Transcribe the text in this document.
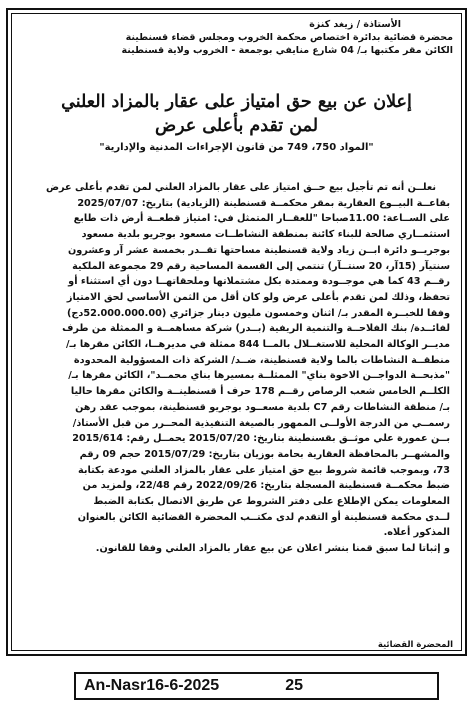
الأستاذة / زيغد كنزة
محضرة قضائية بدائرة اختصاص محكمة الخروب ومجلس قضاء قسنطينة
الكائن مقر مكتبها بـ/ 04 شارع منايفي بوجمعة - الخروب ولاية قسنطينة
إعلان عن بيع حق امتياز على عقار بالمزاد العلني
لمن تقدم بأعلى عرض
"المواد 750، 749 من قانون الإجراءات المدنية والإدارية"
نعلــن أنه تم تأجيل بيع حــق امتياز على عقار بالمزاد العلني لمن تقدم بأعلى عرض
بقاعــة البيــوع العقارية بمقر محكمــة قسنطينة (الزيادية) بتاريخ: 2025/07/07
على الســاعة: 11.00صباحا "للعقــار المتمثل في: امتياز قطعــة أرض ذات طابع
استثمــاري صالحة للبناء كائنة بمنطقة النشاطــات مسعود بوجريو بلدية مسعود
بوجريــو دائرة ابــن زياد ولاية قسنطينة مساحتها تقــدر بخمسة عشر آر وعشرون
سنتيآر (15آر، 20 سنتــآر) تنتمي إلى القسمة المساحية رقم 29 مجموعة الملكية
رقــم 43 كما هي موجــودة وممتدة بكل مشتملاتها وملحقاتهــا دون أي استثناء أو
تحفظ، وذلك لمن تقدم بأعلى عرض ولو كان أقل من الثمن الأساسي لحق الامتياز
وفقا للخبــرة المقدر بـ/ اثنان وخمسون مليون دينار جزائري (52.000.000.00دج)
لفائــدة/ بنك الفلاحــة والتنمية الريفية (بــدر) شركة مساهمــة و الممثلة من طرف
مديــر الوكالة المحلية للاستغــلال بالمــا 844 ممثلة في مديرهــا، الكائن مقرها بـ/
منطقــة النشاطات بالما ولاية قسنطينة، ضــد/ الشركة ذات المسؤولية المحدودة
"مذبحــة الدواجــن الاخوة بناي" الممثلــة بمسيرها بناي محمــد"، الكائن مقرها بـ/
الكلــم الخامس شعب الرصاص رقــم 178 حرف أ قسنطينــة والكائن مقرها حاليا
بـ/ منطقة النشاطات رقم C7 بلدية مسعــود بوجريو قسنطينة، بموجب عقد رهن
رسمــي من الدرجة الأولــى الممهور بالصيغة التنفيذية المحــرر من قبل الأستاذ/
بــن عمورة علي موثــق بقسنطينة بتاريخ: 2015/07/20 يحمــل رقم: 2015/614
والمشهــر بالمحافظة العقارية بحامة بوزيان بتاريخ: 2015/07/29 حجم 09 رقم
73، وبموجب قائمة شروط بيع حق امتياز على عقار بالمزاد العلني مودعة بكتابة
ضبط محكمــة قسنطينة المسجلة بتاريخ: 2022/09/26 رقم 22/48، ولمزيد من
المعلومات يمكن الإطلاع على دفتر الشروط عن طريق الاتصال بكتابة الضبط
لــدى محكمة قسنطينة أو التقدم لدى مكتــب المحضرة القضائية الكائن بالعنوان
المذكور أعلاه.
و إثباتا لما سبق قمنا بنشر اعلان عن بيع عقار بالمزاد العلني وفقا للقانون.
المحضرة القضائية
An-Nasr16-6-2025	25
